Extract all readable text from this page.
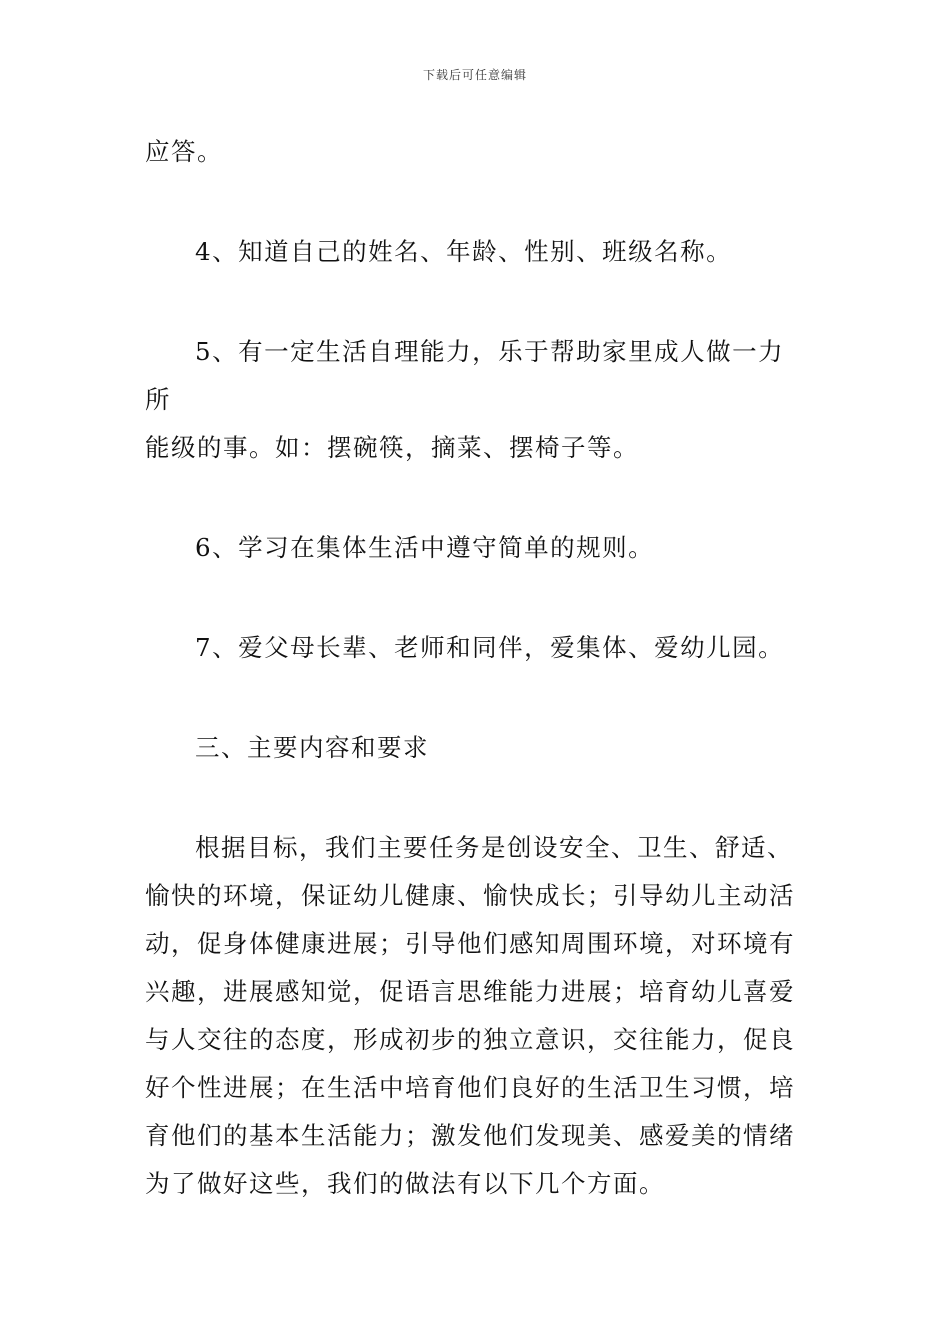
下载后可任意编辑

应答。

4、知道自己的姓名、年龄、性别、班级名称。

5、有一定生活自理能力，乐于帮助家里成人做一力所

能级的事。如：摆碗筷，摘菜、摆椅子等。

6、学习在集体生活中遵守简单的规则。

7、爱父母长辈、老师和同伴，爱集体、爱幼儿园。

三、主要内容和要求

根据目标，我们主要任务是创设安全、卫生、舒适、

愉快的环境，保证幼儿健康、愉快成长；引导幼儿主动活

动，促身体健康进展；引导他们感知周围环境，对环境有

兴趣，进展感知觉，促语言思维能力进展；培育幼儿喜爱

与人交往的态度，形成初步的独立意识，交往能力，促良

好个性进展；在生活中培育他们良好的生活卫生习惯，培

育他们的基本生活能力；激发他们发现美、感爱美的情绪

为了做好这些，我们的做法有以下几个方面。
